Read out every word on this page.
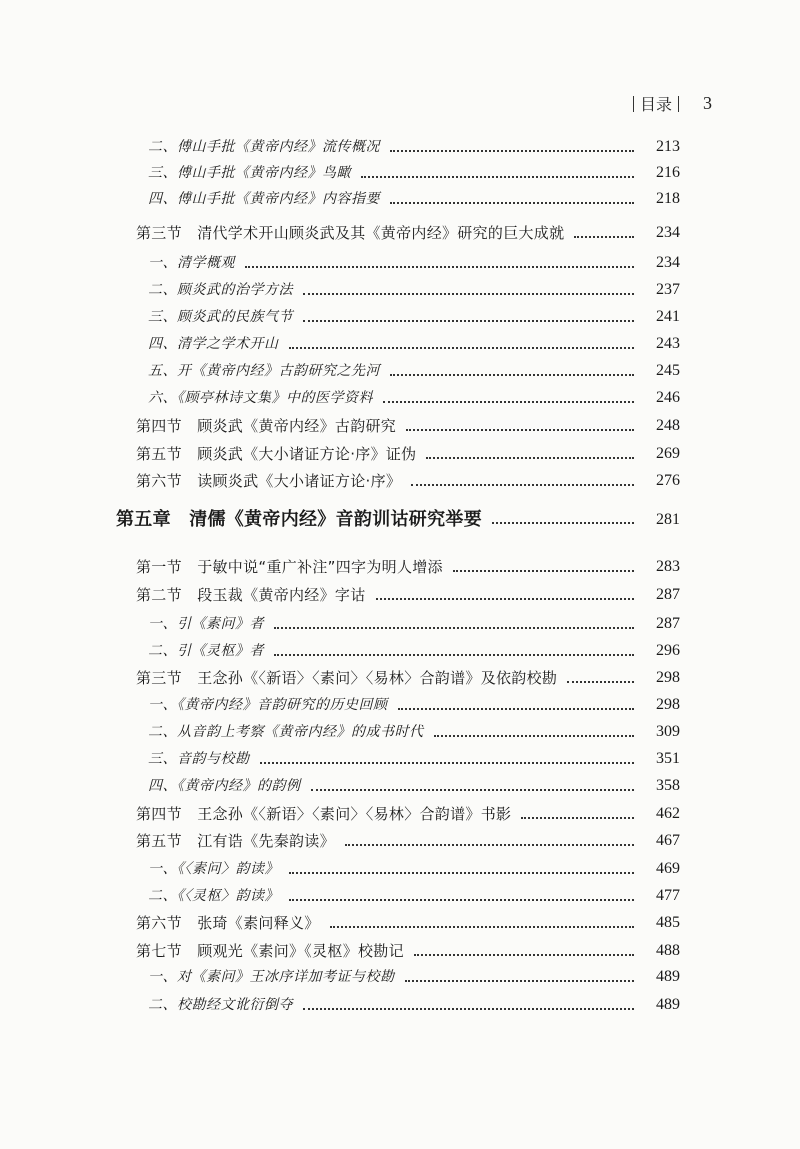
目录 3
二、傅山手批《黄帝内经》流传概况	213
三、傅山手批《黄帝内经》鸟瞰	216
四、傅山手批《黄帝内经》内容指要	218
第三节　清代学术开山顾炎武及其《黄帝内经》研究的巨大成就	234
一、清学概观	234
二、顾炎武的治学方法	237
三、顾炎武的民族气节	241
四、清学之学术开山	243
五、开《黄帝内经》古韵研究之先河	245
六、《顾亭林诗文集》中的医学资料	246
第四节　顾炎武《黄帝内经》古韵研究	248
第五节　顾炎武《大小诸证方论·序》证伪	269
第六节　读顾炎武《大小诸证方论·序》	276
第五章　清儒《黄帝内经》音韵训诂研究举要	281
第一节　于敏中说“重广补注”四字为明人增添	283
第二节　段玉裁《黄帝内经》字诂	287
一、引《素问》者	287
二、引《灵枢》者	296
第三节　王念孙《〈新语〉〈素问〉〈易林〉合韵谱》及依韵校勘	298
一、《黄帝内经》音韵研究的历史回顾	298
二、从音韵上考察《黄帝内经》的成书时代	309
三、音韵与校勘	351
四、《黄帝内经》的韵例	358
第四节　王念孙《〈新语〉〈素问〉〈易林〉合韵谱》书影	462
第五节　江有诰《先秦韵读》	467
一、《〈素问〉韵读》	469
二、《〈灵枢〉韵读》	477
第六节　张琦《素问释义》	485
第七节　顾观光《素问》《灵枢》校勘记	488
一、对《素问》王冰序详加考证与校勘	489
二、校勘经文讹衍倒夺	489
